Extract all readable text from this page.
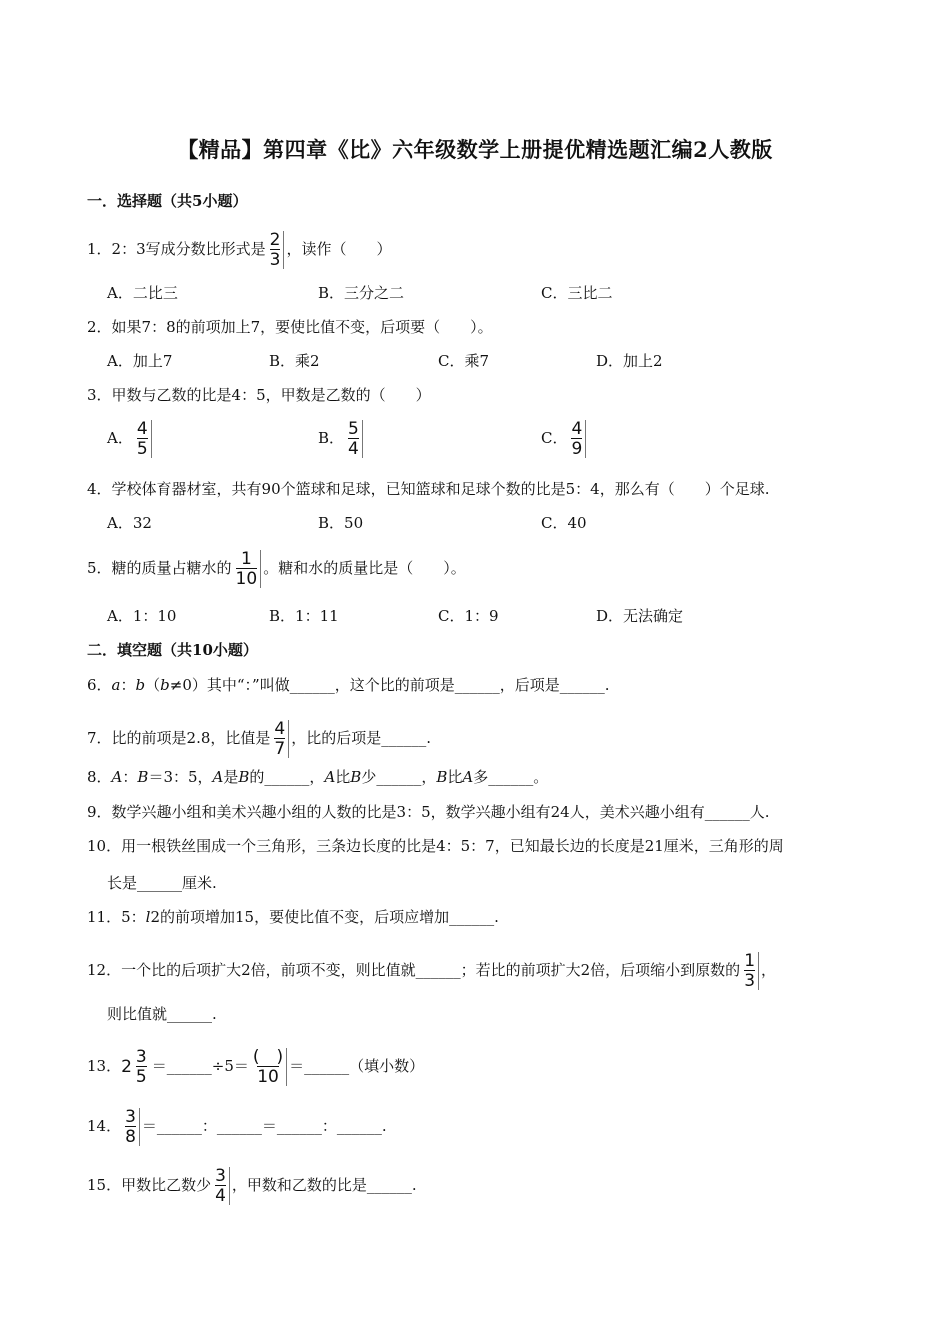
【精品】第四章《比》六年级数学上册提优精选题汇编2人教版
一．选择题（共5小题）
1．2：3写成分数比形式是 $\frac{2}{3}$ ，读作（　　）
A．二比三	B．三分之二	C．三比二
2．如果7：8的前项加上7，要使比值不变，后项要（　　）。
A．加上7	B．乘2	C．乘7	D．加上2
3．甲数与乙数的比是4：5，甲数是乙数的（　　）
A． $\frac{4}{5}$	B． $\frac{5}{4}$	C． $\frac{4}{9}$
4．学校体育器材室，共有90个篮球和足球，已知篮球和足球个数的比是5：4，那么有（　　）个足球.
A．32	B．50	C．40
5．糖的质量占糖水的 $\frac{1}{10}$ 。糖和水的质量比是（　　）。
A．1：10	B．1：11	C．1：9	D．无法确定
二．填空题（共10小题）
6．a：b（b≠0）其中“：”叫做______，这个比的前项是______，后项是______.
7．比的前项是2.8，比值是 $\frac{4}{7}$ ，比的后项是______.
8．A：B＝3：5，A是B的______，A比B少______，B比A多______。
9．数学兴趣小组和美术兴趣小组的人数的比是3：5，数学兴趣小组有24人，美术兴趣小组有______人.
10．用一根铁丝围成一个三角形，三条边长度的比是4：5：7，已知最长边的长度是21厘米，三角形的周
长是______厘米.
11．5：l2的前项增加15，要使比值不变，后项应增加______.
12．一个比的后项扩大2倍，前项不变，则比值就______；若比的前项扩大2倍，后项缩小到原数的 $\frac{1}{3}$ ，
则比值就______.
13． $2 \frac{3}{5}$ ＝______÷5＝ $\frac{( )}{10}$ ＝______（填小数）
14． $\frac{3}{8}$ ＝______：______＝______：______.
15．甲数比乙数少 $\frac{3}{4}$ ，甲数和乙数的比是______.
